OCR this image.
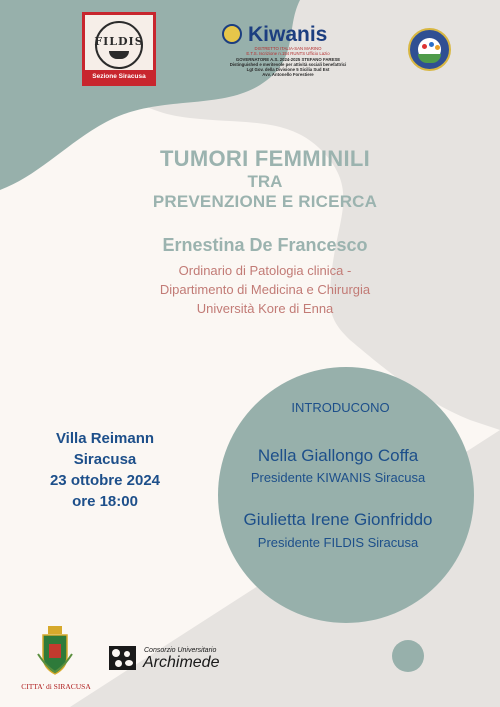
FILDIS
Sezione Siracusa
Kiwanis
DISTRETTO ITALIA-SAN MARINO
E.T.S. Iscrizione n.154 RUNTS Ufficio Lazio
GOVERNATORE A.S. 2024-2025 STEFANO FARESE
Distinguished e meritevole per attività sociali benefattrici
Lgt Gov. della Divisione 5 Sicilia Sud Est
Avv. Antonello Forestiere
TUMORI FEMMINILI
TRA
PREVENZIONE E RICERCA
Ernestina De Francesco
Ordinario di Patologia clinica -
Dipartimento di Medicina e Chirurgia
Università Kore di Enna
Villa Reimann
Siracusa
23 ottobre 2024
ore 18:00
INTRODUCONO
Nella Giallongo Coffa
Presidente KIWANIS Siracusa
Giulietta Irene Gionfriddo
Presidente FILDIS Siracusa
CITTA' di SIRACUSA
Consorzio Universitario
Archimede
